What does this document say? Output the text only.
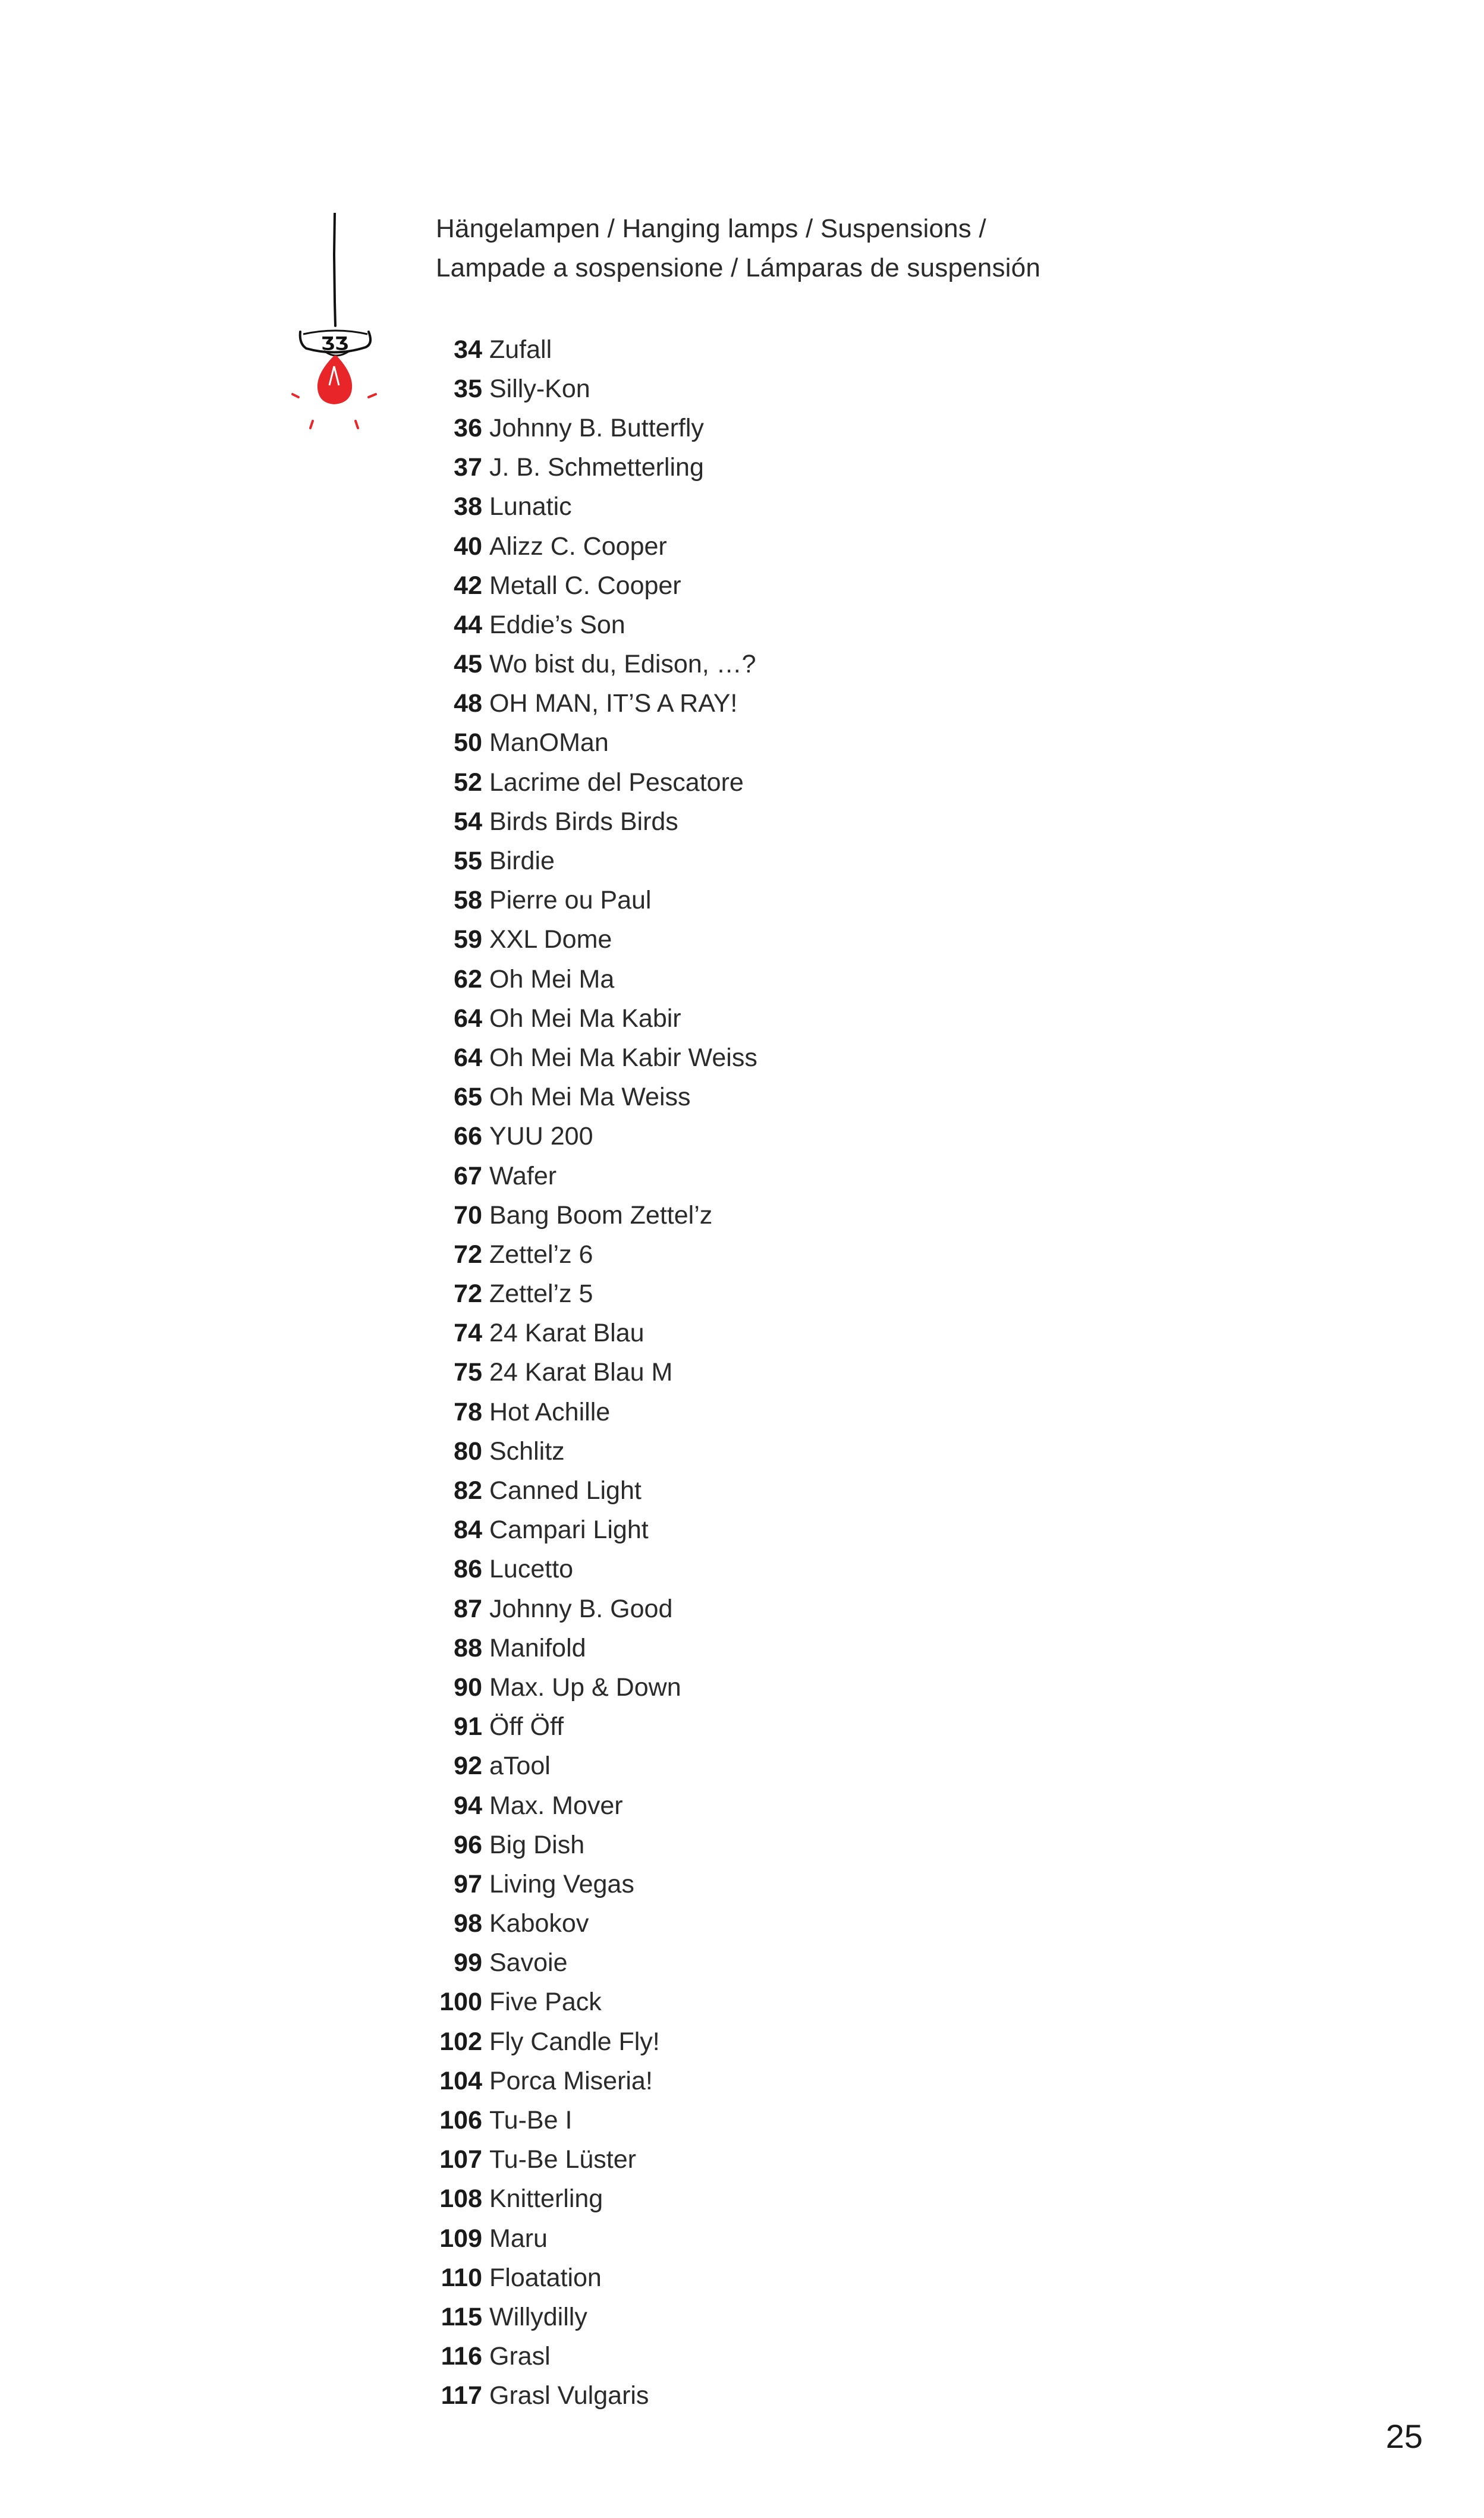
ƷƷ
Hängelampen / Hanging lamps / Suspensions /
Lampade a sospensione / Lámparas de suspensión
34 Zufall
35 Silly-Kon
36 Johnny B. Butterfly
37 J. B. Schmetterling
38 Lunatic
40 Alizz C. Cooper
42 Metall C. Cooper
44 Eddie’s Son
45 Wo bist du, Edison, …?
48 OH MAN, IT’S A RAY!
50 ManOMan
52 Lacrime del Pescatore
54 Birds Birds Birds
55 Birdie
58 Pierre ou Paul
59 XXL Dome
62 Oh Mei Ma
64 Oh Mei Ma Kabir
64 Oh Mei Ma Kabir Weiss
65 Oh Mei Ma Weiss
66 YUU 200
67 Wafer
70 Bang Boom Zettel’z
72 Zettel’z 6
72 Zettel’z 5
74 24 Karat Blau
75 24 Karat Blau M
78 Hot Achille
80 Schlitz
82 Canned Light
84 Campari Light
86 Lucetto
87 Johnny B. Good
88 Manifold
90 Max. Up & Down
91 Öff Öff
92 aTool
94 Max. Mover
96 Big Dish
97 Living Vegas
98 Kabokov
99 Savoie
100 Five Pack
102 Fly Candle Fly!
104 Porca Miseria!
106 Tu-Be I
107 Tu-Be Lüster
108 Knitterling
109 Maru
110 Floatation
115 Willydilly
116 Grasl
117 Grasl Vulgaris
25
